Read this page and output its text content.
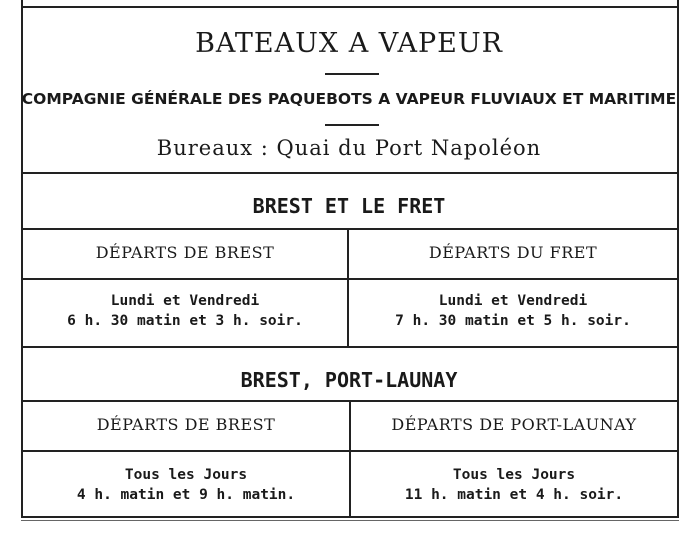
BATEAUX A VAPEUR
COMPAGNIE GÉNÉRALE DES PAQUEBOTS A VAPEUR FLUVIAUX ET MARITIME
Bureaux : Quai du Port Napoléon
BREST ET LE FRET
DÉPARTS DE BREST	DÉPARTS DU FRET
Lundi et Vendredi
6 h. 30 matin et 3 h. soir.
Lundi et Vendredi
7 h. 30 matin et 5 h. soir.
BREST, PORT-LAUNAY
DÉPARTS DE BREST	DÉPARTS DE PORT-LAUNAY
Tous les Jours
4 h. matin et 9 h. matin.
Tous les Jours
11 h. matin et 4 h. soir.
